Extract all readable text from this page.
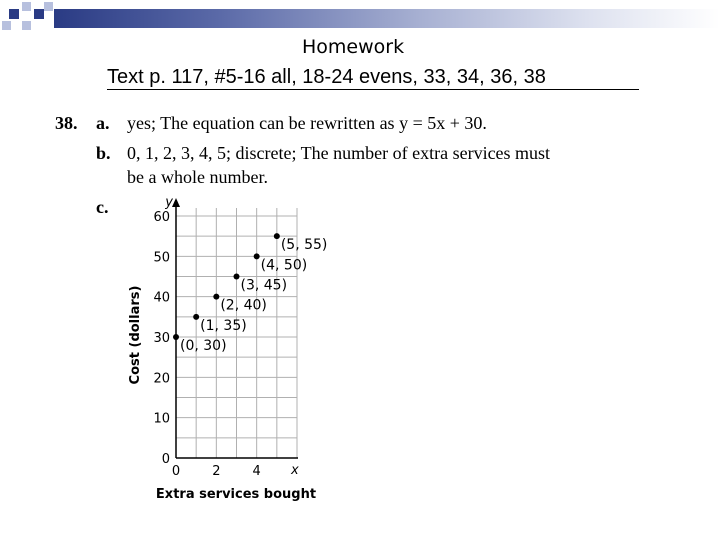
Homework
Text p. 117, #5-16 all, 18-24 evens, 33, 34, 36, 38
38. a. yes; The equation can be rewritten as y = 5x + 30.
b. 0, 1, 2, 3, 4, 5; discrete; The number of extra services must
be a whole number.
c.	y
x
0
10
20
30
40
50
60
0 2 4
Extra services bought
Cost (dollars)	(0, 30)
(1, 35)
(2, 40)
(3, 45)
(4, 50)
(5, 55)
